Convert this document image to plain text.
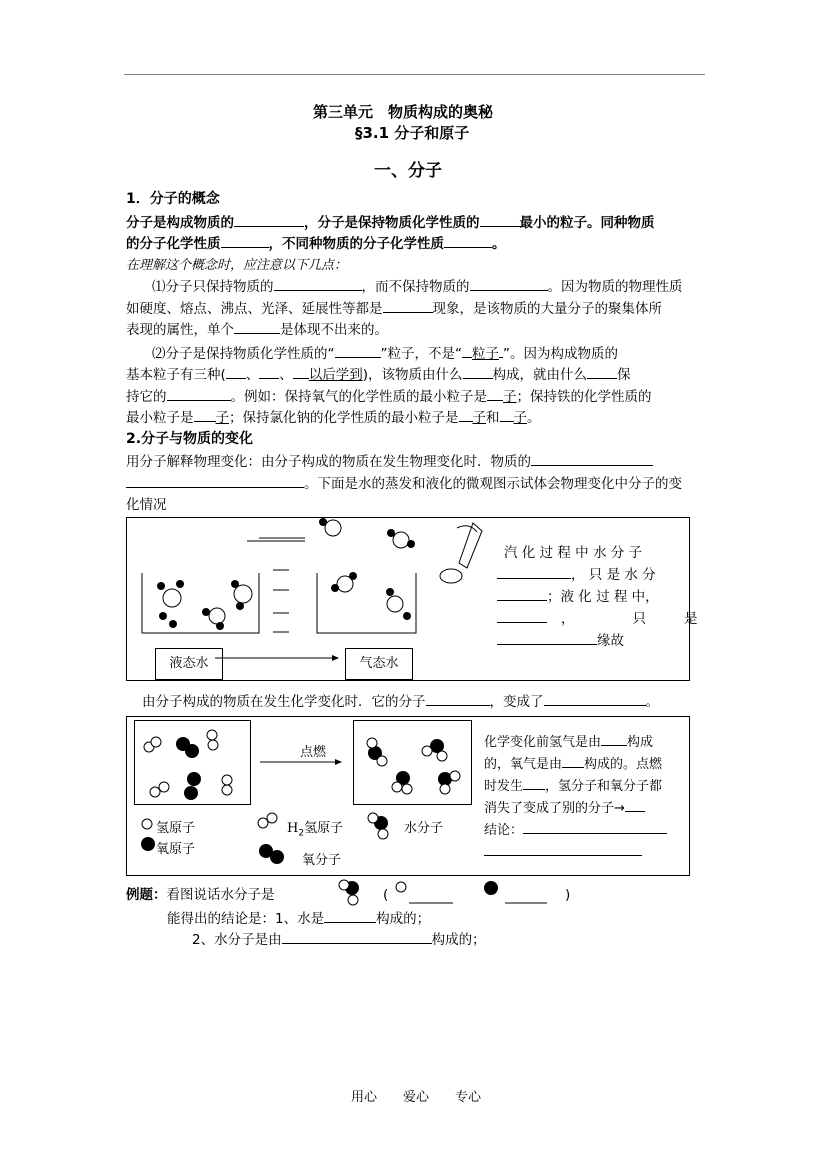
第三单元　物质构成的奥秘
§3.1 分子和原子
一、分子
1．分子的概念
分子是构成物质的	，分子是保持物质化学性质的	最小的粒子。同种物质
的分子化学性质	，不同种物质的分子化学性质	。
在理解这个概念时，应注意以下几点：
⑴分子只保持物质的	，而不保持物质的	。因为物质的物理性质
如硬度、熔点、沸点、光泽、延展性等都是	现象，是该物质的大量分子的聚集体所
表现的属性，单个	是体现不出来的。
⑵分子是保持物质化学性质的“	”粒子，不是“ 粒子 ”。因为构成物质的
基本粒子有三种( 、 、 以后学到)，该物质由什么 构成，就由什么 保
持它的	。例如：保持氧气的化学性质的最小粒子是 子；保持铁的化学性质的
最小粒子是 子；保持氯化钠的化学性质的最小粒子是 子和 子。
2.分子与物质的变化
用分子解释物理变化：由分子构成的物质在发生物理变化时．物质的
。下面是水的蒸发和液化的微观图示试体会物理变化中分子的变
化情况
液态水	气态水
汽 化 过 程 中 水 分 子
， 只 是 水 分
；液 化 过 程 中，
，	只	是
缘故
由分子构成的物质在发生化学变化时．它的分子	，变成了	。
点燃
氢原子
氧原子
$H_2$氢原子	水分子
氧分子
化学变化前氢气是由 构成
的，氧气是由 构成的。点燃
时发生 ，氢分子和氧分子都
消失了变成了别的分子→
结论：
例题：看图说话水分子是	(	)
能得出的结论是：1、水是	构成的；
2、水分子是由	构成的；
用心　　爱心　　专心
